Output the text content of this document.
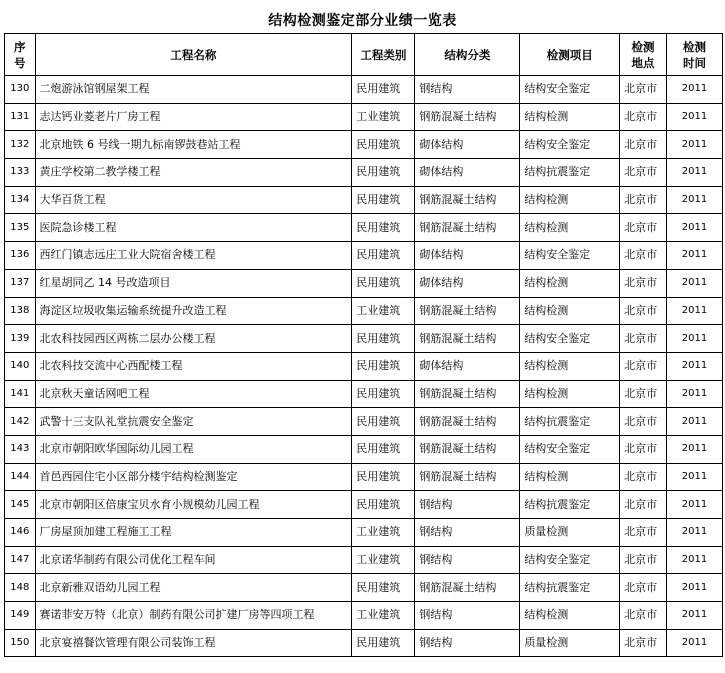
结构检测鉴定部分业绩一览表
序号	工程名称	工程类别	结构分类	检测项目	检测地点	检测时间
130	二炮游泳馆钢屋架工程	民用建筑	钢结构	结构安全鉴定	北京市	2011
131	志达钙业菱老片厂房工程	工业建筑	钢筋混凝土结构	结构检测	北京市	2011
132	北京地铁 6 号线一期九标南锣鼓巷站工程	民用建筑	砌体结构	结构安全鉴定	北京市	2011
133	黄庄学校第二教学楼工程	民用建筑	砌体结构	结构抗震鉴定	北京市	2011
134	大华百货工程	民用建筑	钢筋混凝土结构	结构检测	北京市	2011
135	医院急诊楼工程	民用建筑	钢筋混凝土结构	结构检测	北京市	2011
136	西红门镇志远庄工业大院宿舍楼工程	民用建筑	砌体结构	结构安全鉴定	北京市	2011
137	红星胡同乙 14 号改造项目	民用建筑	砌体结构	结构检测	北京市	2011
138	海淀区垃圾收集运输系统提升改造工程	工业建筑	钢筋混凝土结构	结构检测	北京市	2011
139	北农科技园西区两栋二层办公楼工程	民用建筑	钢筋混凝土结构	结构安全鉴定	北京市	2011
140	北农科技交流中心西配楼工程	民用建筑	砌体结构	结构检测	北京市	2011
141	北京秋天童话网吧工程	民用建筑	钢筋混凝土结构	结构检测	北京市	2011
142	武警十三支队礼堂抗震安全鉴定	民用建筑	钢筋混凝土结构	结构抗震鉴定	北京市	2011
143	北京市朝阳欧华国际幼儿园工程	民用建筑	钢筋混凝土结构	结构安全鉴定	北京市	2011
144	首邑西园住宅小区部分楼宇结构检测鉴定	民用建筑	钢筋混凝土结构	结构检测	北京市	2011
145	北京市朝阳区倍康宝贝水育小规模幼儿园工程	民用建筑	钢结构	结构抗震鉴定	北京市	2011
146	厂房屋顶加建工程施工工程	工业建筑	钢结构	质量检测	北京市	2011
147	北京诺华制药有限公司优化工程车间	工业建筑	钢结构	结构安全鉴定	北京市	2011
148	北京新雅双语幼儿园工程	民用建筑	钢筋混凝土结构	结构抗震鉴定	北京市	2011
149	赛诺菲安万特（北京）制药有限公司扩建厂房等四项工程	工业建筑	钢结构	结构检测	北京市	2011
150	北京宴禧餐饮管理有限公司装饰工程	民用建筑	钢结构	质量检测	北京市	2011
